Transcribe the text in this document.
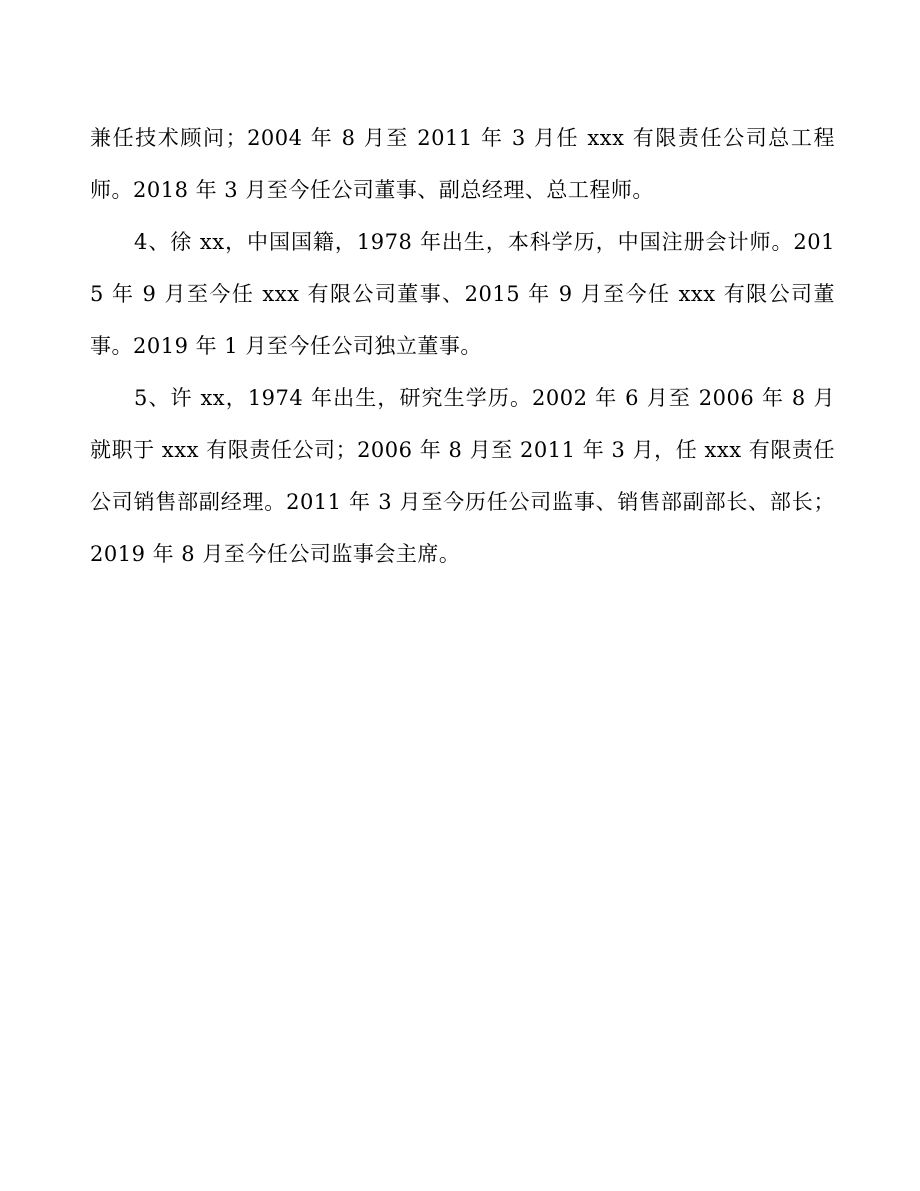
兼任技术顾问；2004 年 8 月至 2011 年 3 月任 xxx 有限责任公司总工程师。2018 年 3 月至今任公司董事、副总经理、总工程师。

4、徐 xx，中国国籍，1978 年出生，本科学历，中国注册会计师。2015 年 9 月至今任 xxx 有限公司董事、2015 年 9 月至今任 xxx 有限公司董事。2019 年 1 月至今任公司独立董事。

5、许 xx，1974 年出生，研究生学历。2002 年 6 月至 2006 年 8 月就职于 xxx 有限责任公司；2006 年 8 月至 2011 年 3 月，任 xxx 有限责任公司销售部副经理。2011 年 3 月至今历任公司监事、销售部副部长、部长；2019 年 8 月至今任公司监事会主席。
